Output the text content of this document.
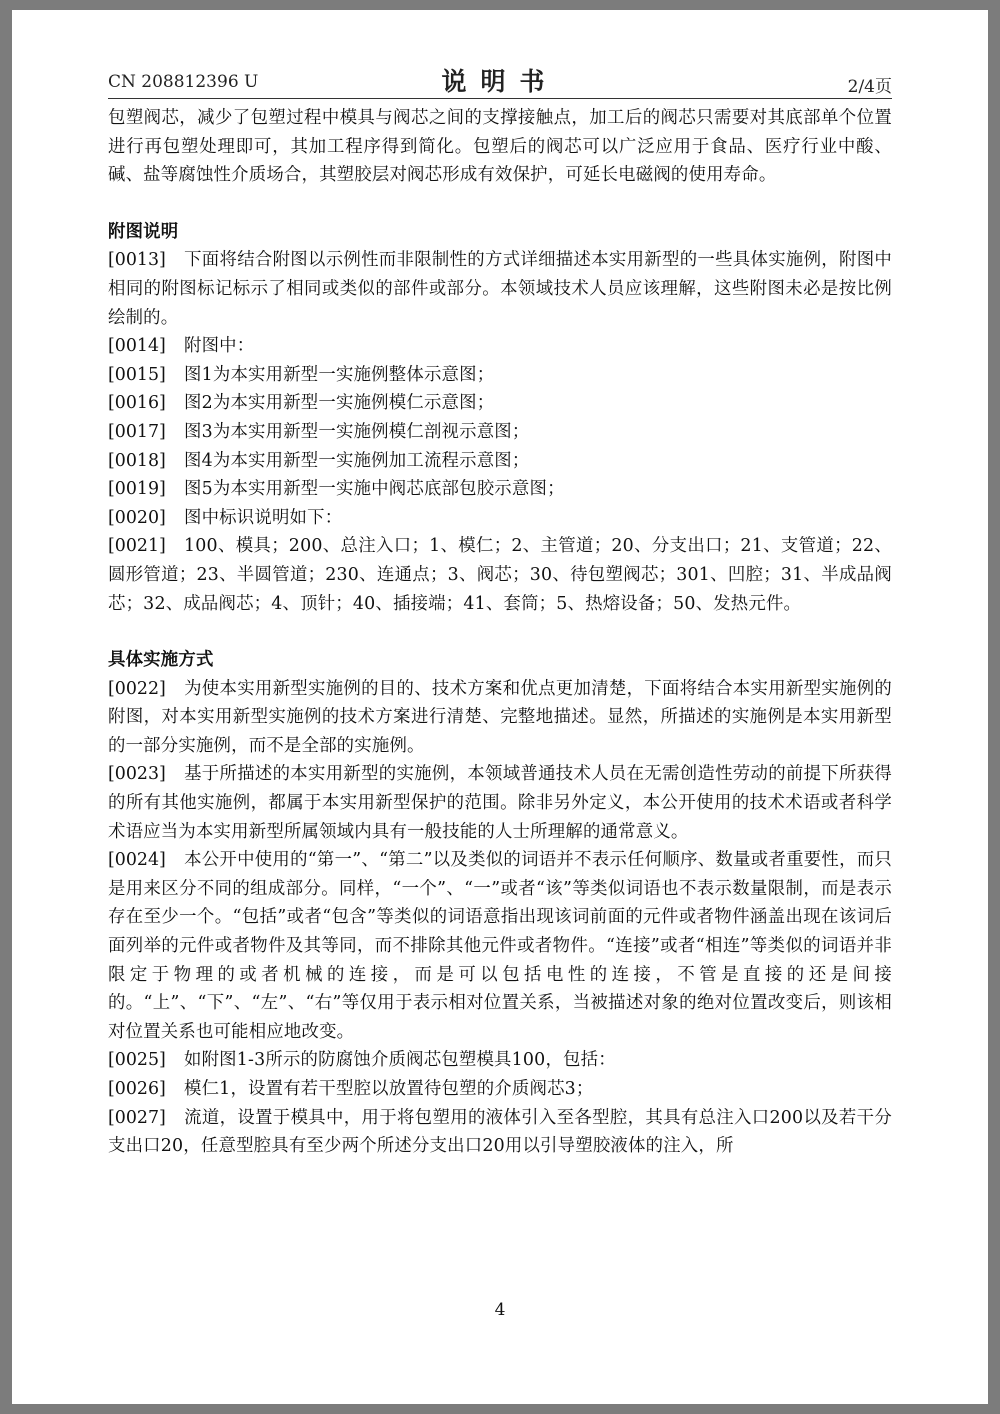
CN 208812396 U	说明书	2/4页

包塑阀芯，减少了包塑过程中模具与阀芯之间的支撑接触点，加工后的阀芯只需要对其底部单个位置进行再包塑处理即可，其加工程序得到简化。包塑后的阀芯可以广泛应用于食品、医疗行业中酸、碱、盐等腐蚀性介质场合，其塑胶层对阀芯形成有效保护，可延长电磁阀的使用寿命。

附图说明

[0013] 下面将结合附图以示例性而非限制性的方式详细描述本实用新型的一些具体实施例，附图中相同的附图标记标示了相同或类似的部件或部分。本领域技术人员应该理解，这些附图未必是按比例绘制的。

[0014] 附图中：

[0015] 图1为本实用新型一实施例整体示意图；

[0016] 图2为本实用新型一实施例模仁示意图；

[0017] 图3为本实用新型一实施例模仁剖视示意图；

[0018] 图4为本实用新型一实施例加工流程示意图；

[0019] 图5为本实用新型一实施中阀芯底部包胶示意图；

[0020] 图中标识说明如下：

[0021] 100、模具；200、总注入口；1、模仁；2、主管道；20、分支出口；21、支管道；22、圆形管道；23、半圆管道；230、连通点；3、阀芯；30、待包塑阀芯；301、凹腔；31、半成品阀芯；32、成品阀芯；4、顶针；40、插接端；41、套筒；5、热熔设备；50、发热元件。

具体实施方式

[0022] 为使本实用新型实施例的目的、技术方案和优点更加清楚，下面将结合本实用新型实施例的附图，对本实用新型实施例的技术方案进行清楚、完整地描述。显然，所描述的实施例是本实用新型的一部分实施例，而不是全部的实施例。

[0023] 基于所描述的本实用新型的实施例，本领域普通技术人员在无需创造性劳动的前提下所获得的所有其他实施例，都属于本实用新型保护的范围。除非另外定义，本公开使用的技术术语或者科学术语应当为本实用新型所属领域内具有一般技能的人士所理解的通常意义。

[0024] 本公开中使用的“第一”、“第二”以及类似的词语并不表示任何顺序、数量或者重要性，而只是用来区分不同的组成部分。同样，“一个”、“一”或者“该”等类似词语也不表示数量限制，而是表示存在至少一个。“包括”或者“包含”等类似的词语意指出现该词前面的元件或者物件涵盖出现在该词后面列举的元件或者物件及其等同，而不排除其他元件或者物件。“连接”或者“相连”等类似的词语并非限定于物理的或者机械的连接，而是可以包括电性的连接，不管是直接的还是间接的。“上”、“下”、“左”、“右”等仅用于表示相对位置关系，当被描述对象的绝对位置改变后，则该相对位置关系也可能相应地改变。

[0025] 如附图1-3所示的防腐蚀介质阀芯包塑模具100，包括：

[0026] 模仁1，设置有若干型腔以放置待包塑的介质阀芯3；

[0027] 流道，设置于模具中，用于将包塑用的液体引入至各型腔，其具有总注入口200以及若干分支出口20，任意型腔具有至少两个所述分支出口20用以引导塑胶液体的注入，所

4
